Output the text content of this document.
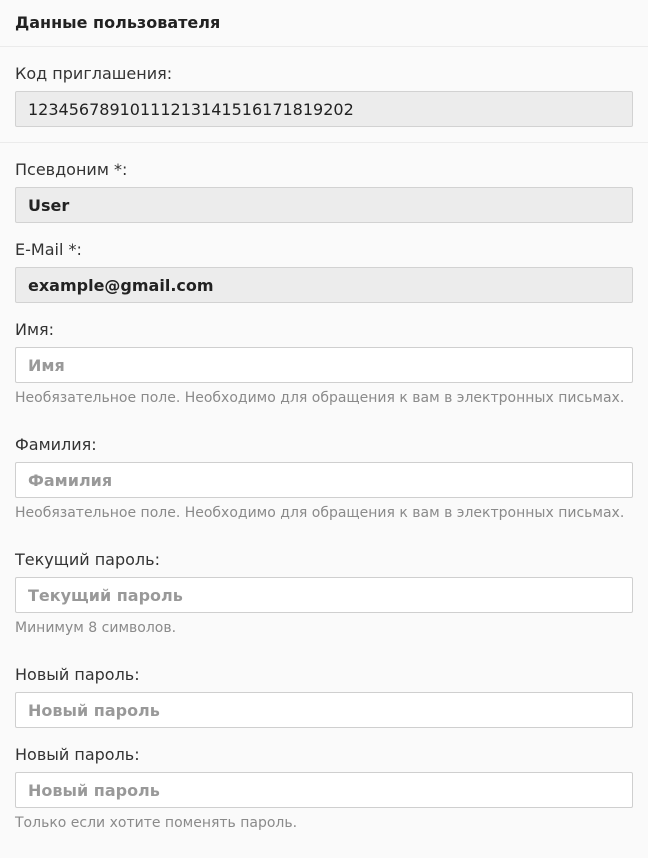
Данные пользователя
Код приглашения:
12345678910111213141516171819202
Псевдоним *:
User
E-Mail *:
example@gmail.com
Имя:
Имя
Необязательное поле. Необходимо для обращения к вам в электронных письмах.
Фамилия:
Фамилия
Необязательное поле. Необходимо для обращения к вам в электронных письмах.
Текущий пароль:
Минимум 8 символов.
Новый пароль:
Новый пароль:
Только если хотите поменять пароль.
